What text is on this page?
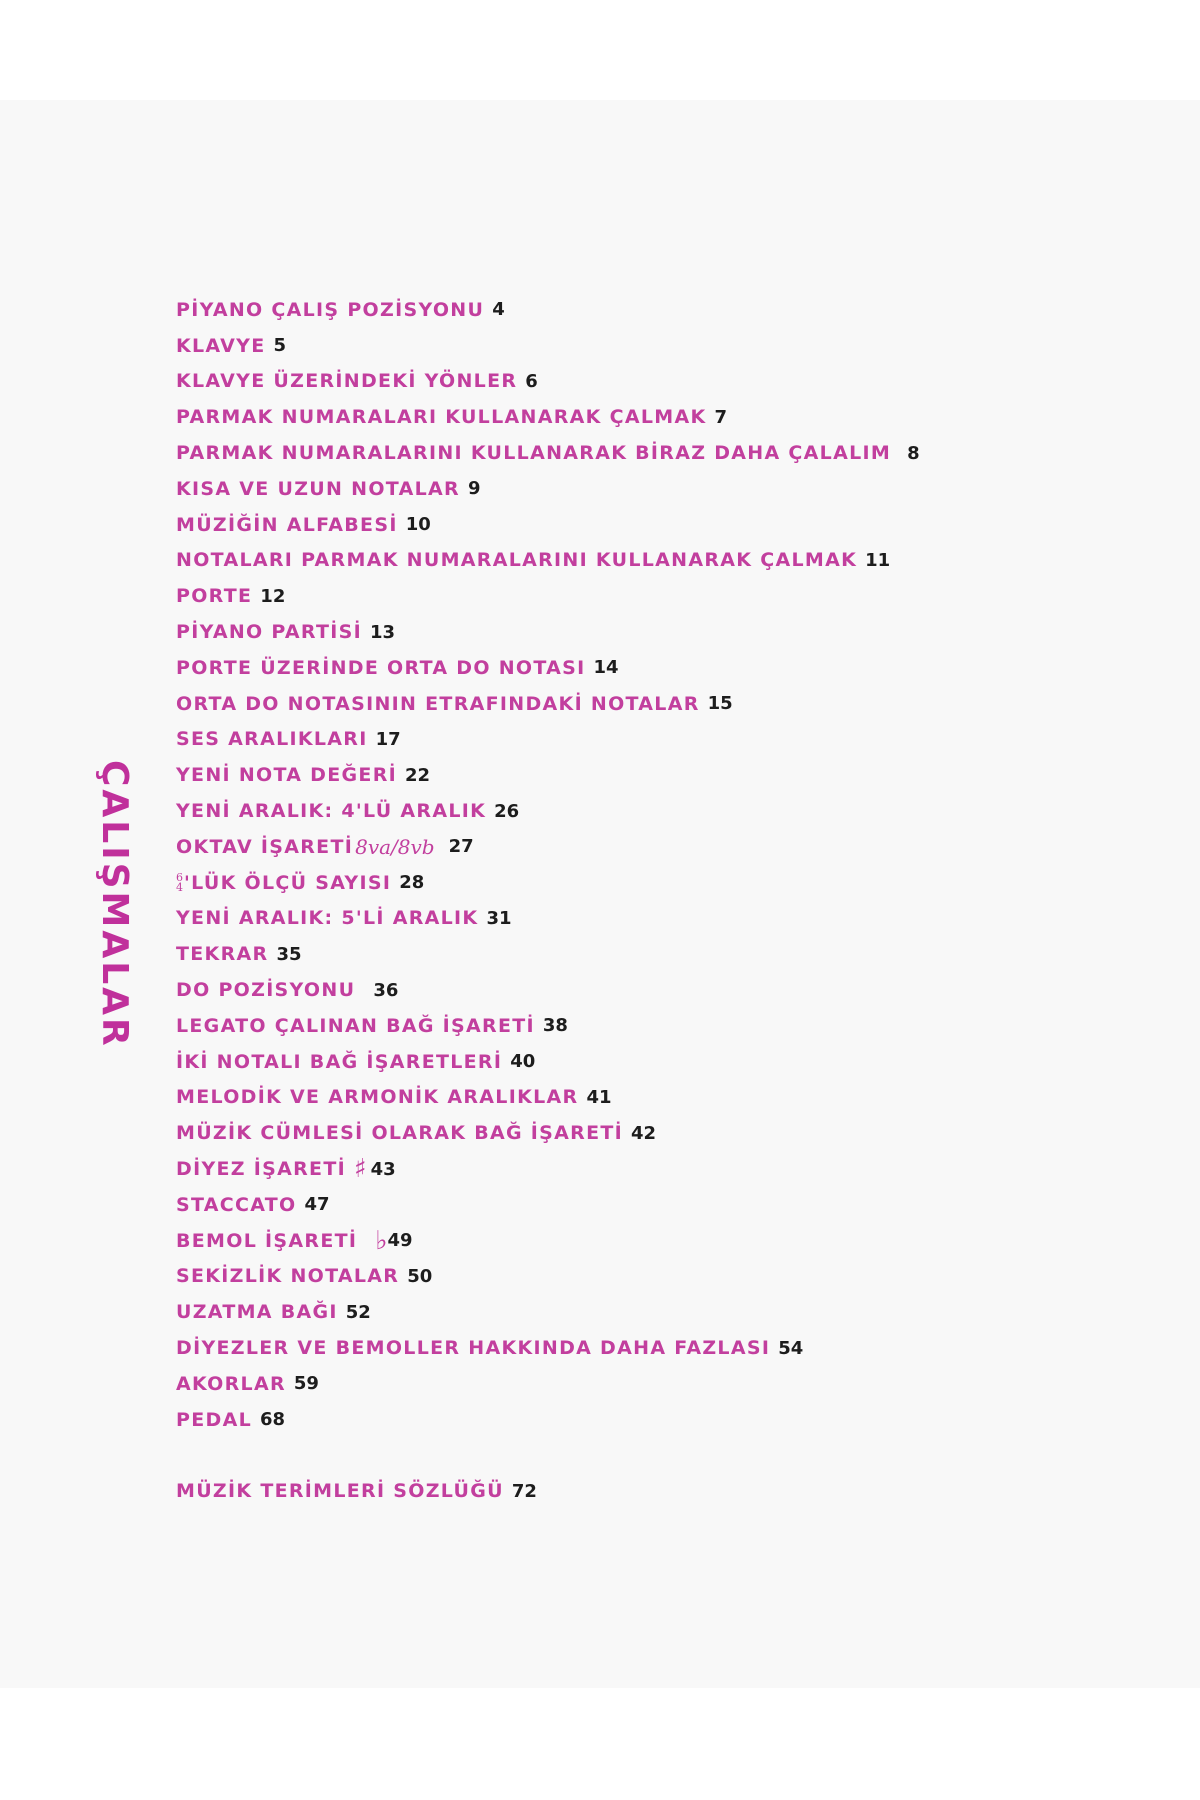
ÇALIŞMALAR
PİYANO ÇALIŞ POZİSYONU 4
KLAVYE 5
KLAVYE ÜZERİNDEKİ YÖNLER 6
PARMAK NUMARALARI KULLANARAK ÇALMAK 7
PARMAK NUMARALARINI KULLANARAK BİRAZ DAHA ÇALALIM 8
KISA VE UZUN NOTALAR 9
MÜZİĞİN ALFABESİ 10
NOTALARI PARMAK NUMARALARINI KULLANARAK ÇALMAK 11
PORTE 12
PİYANO PARTİSİ 13
PORTE ÜZERİNDE ORTA DO NOTASI 14
ORTA DO NOTASININ ETRAFINDAKİ NOTALAR 15
SES ARALIKLARI 17
YENİ NOTA DEĞERİ 22
YENİ ARALIK: 4'LÜ ARALIK 26
OKTAV İŞARETİ 8va/8vb 27
6
4 'LÜK ÖLÇÜ SAYISI 28
YENİ ARALIK: 5'Lİ ARALIK 31
TEKRAR 35
DO POZİSYONU 36
LEGATO ÇALINAN BAĞ İŞARETİ 38
İKİ NOTALI BAĞ İŞARETLERİ 40
MELODİK VE ARMONİK ARALIKLAR 41
MÜZİK CÜMLESİ OLARAK BAĞ İŞARETİ 42
DİYEZ İŞARETİ ♯ 43
STACCATO 47
BEMOL İŞARETİ ♭ 49
SEKİZLİK NOTALAR 50
UZATMA BAĞI 52
DİYEZLER VE BEMOLLER HAKKINDA DAHA FAZLASI 54
AKORLAR 59
PEDAL 68
MÜZİK TERİMLERİ SÖZLÜĞÜ 72
